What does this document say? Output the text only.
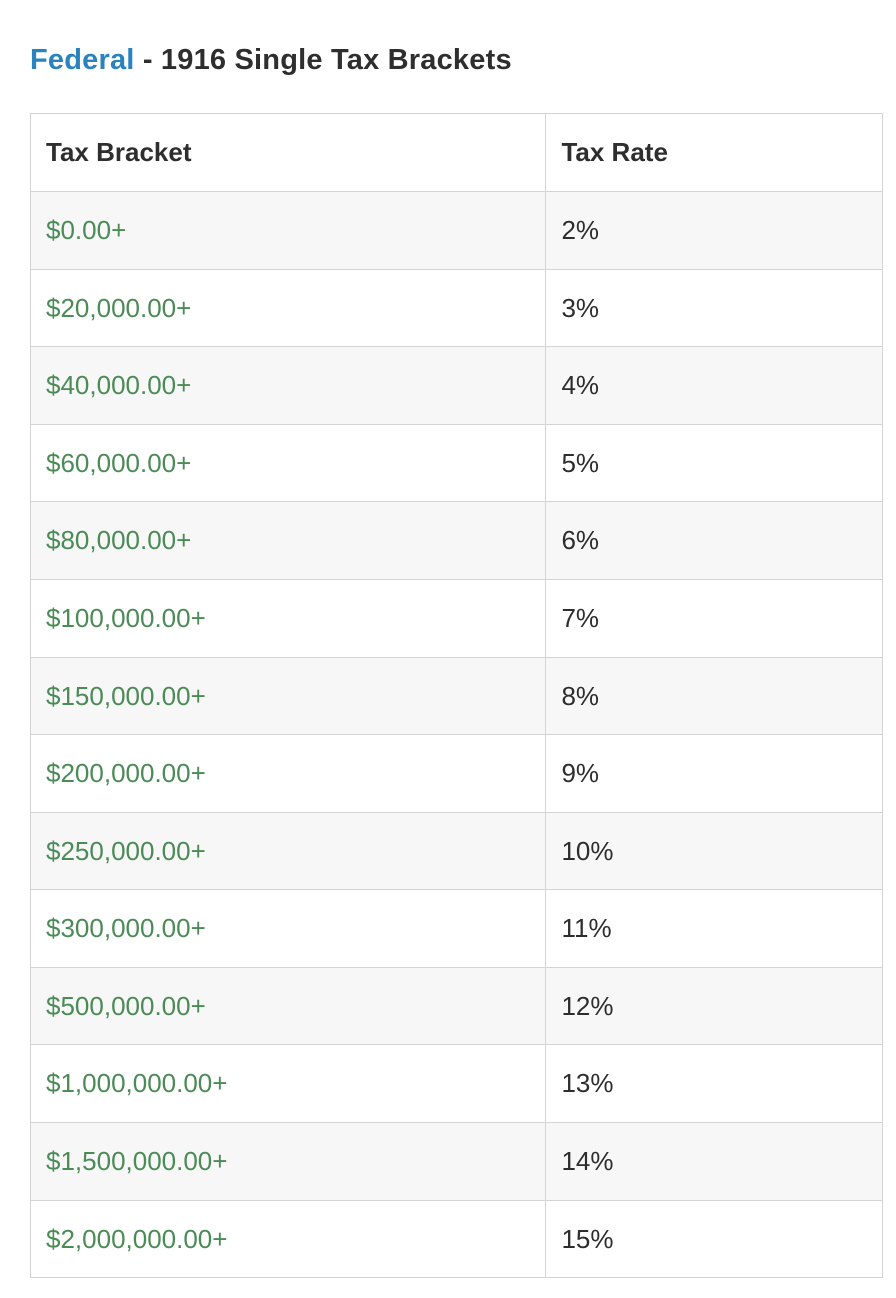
Federal - 1916 Single Tax Brackets
Tax Bracket	Tax Rate
$0.00+	2%
$20,000.00+	3%
$40,000.00+	4%
$60,000.00+	5%
$80,000.00+	6%
$100,000.00+	7%
$150,000.00+	8%
$200,000.00+	9%
$250,000.00+	10%
$300,000.00+	11%
$500,000.00+	12%
$1,000,000.00+	13%
$1,500,000.00+	14%
$2,000,000.00+	15%
